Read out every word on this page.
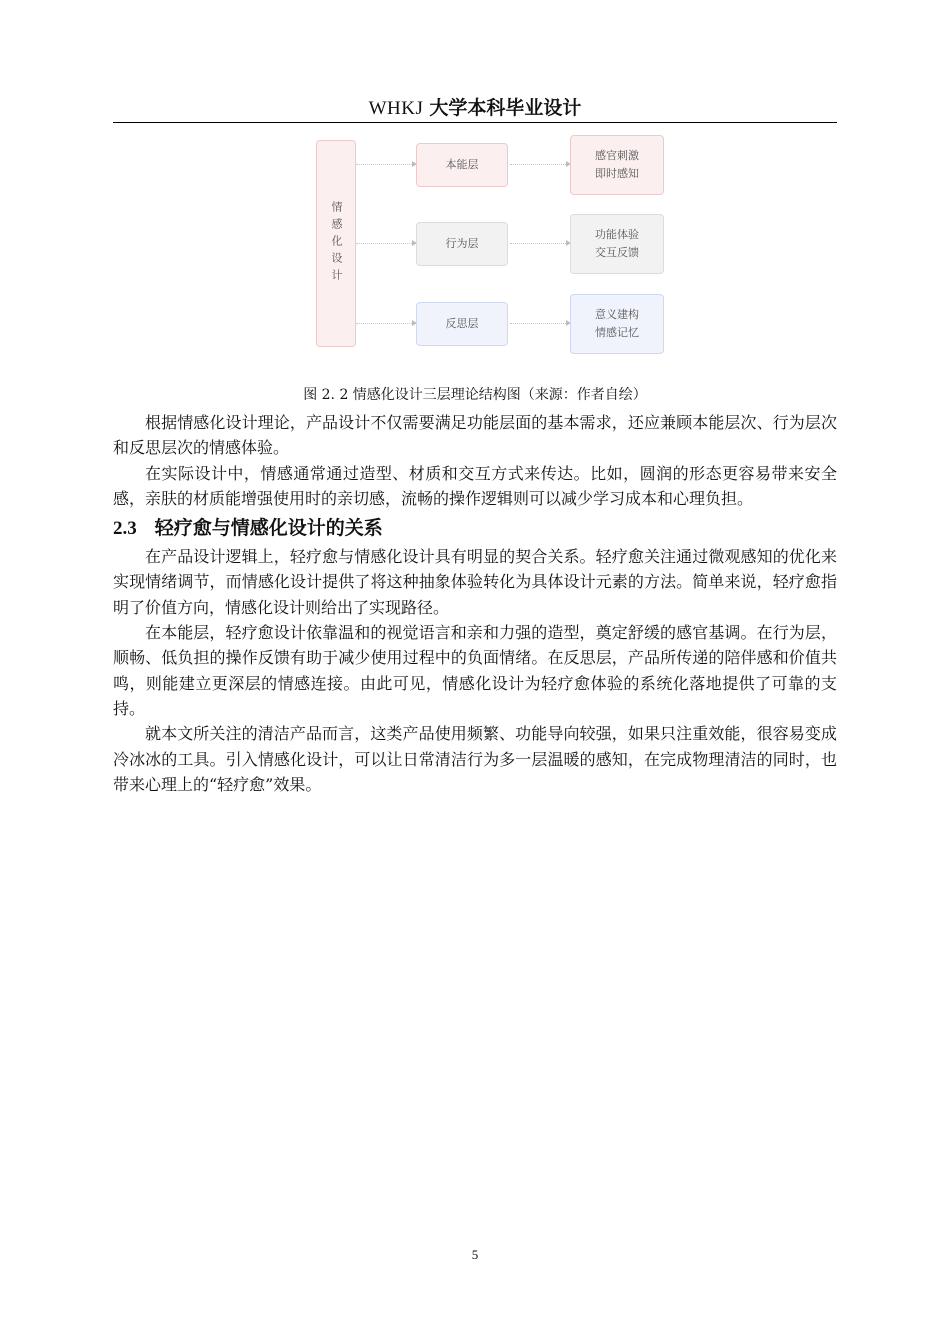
WHKJ 大学本科毕业设计
情感化设计
本能层
感官刺激
即时感知
行为层
功能体验
交互反馈
反思层
意义建构
情感记忆
图 2. 2 情感化设计三层理论结构图（来源：作者自绘）

根据情感化设计理论，产品设计不仅需要满足功能层面的基本需求，还应兼顾本能层次、行为层次和反思层次的情感体验。

在实际设计中，情感通常通过造型、材质和交互方式来传达。比如，圆润的形态更容易带来安全感，亲肤的材质能增强使用时的亲切感，流畅的操作逻辑则可以减少学习成本和心理负担。

2.3 轻疗愈与情感化设计的关系

在产品设计逻辑上，轻疗愈与情感化设计具有明显的契合关系。轻疗愈关注通过微观感知的优化来实现情绪调节，而情感化设计提供了将这种抽象体验转化为具体设计元素的方法。简单来说，轻疗愈指明了价值方向，情感化设计则给出了实现路径。

在本能层，轻疗愈设计依靠温和的视觉语言和亲和力强的造型，奠定舒缓的感官基调。在行为层，顺畅、低负担的操作反馈有助于减少使用过程中的负面情绪。在反思层，产品所传递的陪伴感和价值共鸣，则能建立更深层的情感连接。由此可见，情感化设计为轻疗愈体验的系统化落地提供了可靠的支持。

就本文所关注的清洁产品而言，这类产品使用频繁、功能导向较强，如果只注重效能，很容易变成冷冰冰的工具。引入情感化设计，可以让日常清洁行为多一层温暖的感知，在完成物理清洁的同时，也带来心理上的“轻疗愈”效果。

5
